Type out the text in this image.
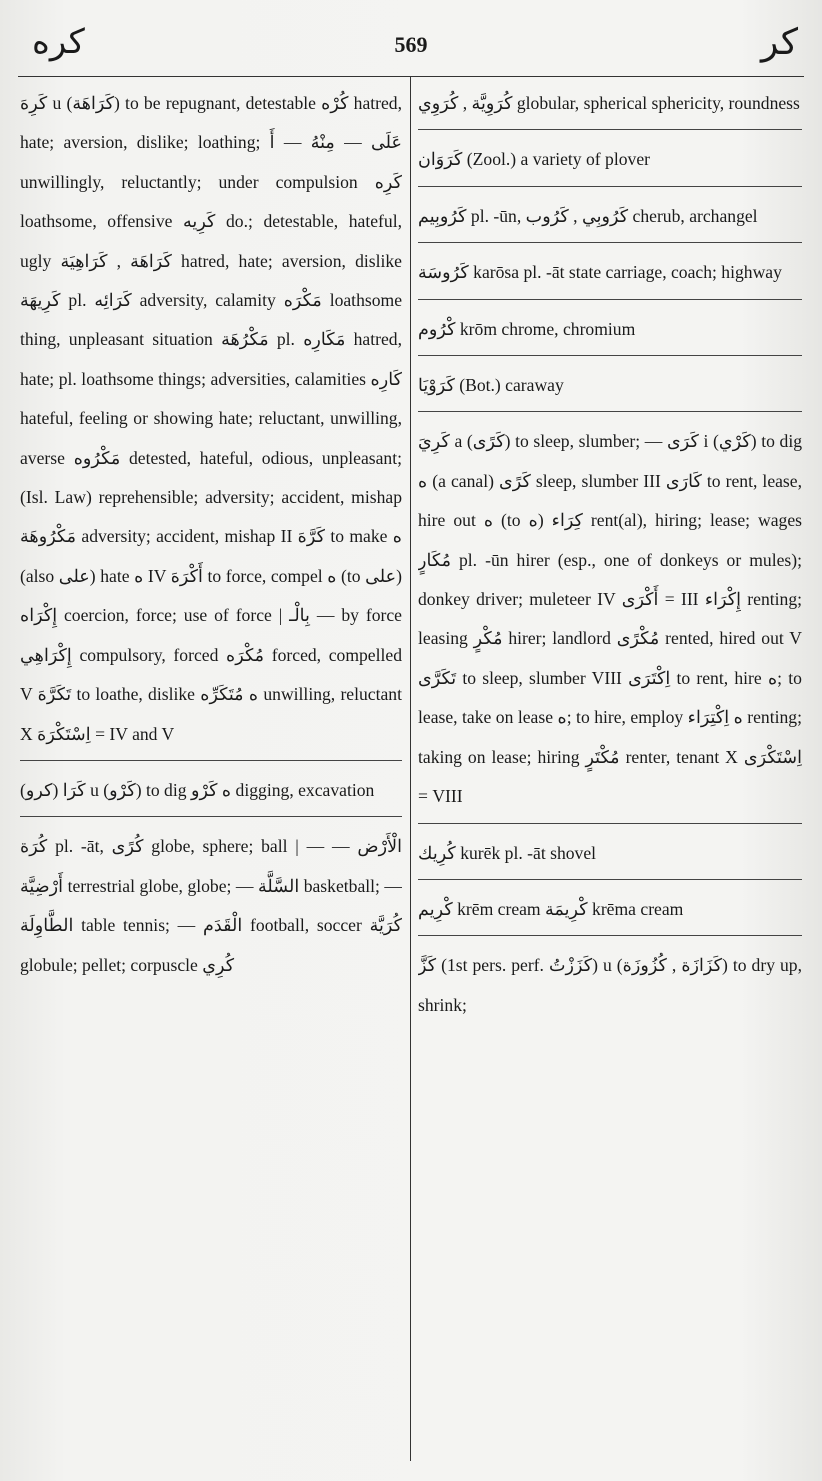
كره	569	كر

كَرِهَ u (كَرَاهَة) to be repugnant, detestable كُرْه hatred, hate; aversion, dislike; loathing; عَلَى — مِنْهُ — أَ unwillingly, reluctantly; under compulsion كَرِه loathsome, offensive كَرِيه do.; detestable, hateful, ugly كَرَاهَة , كَرَاهِيَة hatred, hate; aversion, dislike كَرِيهَة pl. كَرَائِه adversity, calamity مَكْرَه loathsome thing, unpleasant situation مَكْرُهَة pl. مَكَارِه hatred, hate; pl. loathsome things; adversities, calamities كَارِه hateful, feeling or showing hate; reluctant, unwilling, averse مَكْرُوه detested, hateful, odious, unpleasant; (Isl. Law) reprehensible; adversity; accident, mishap مَكْرُوهَة adversity; accident, mishap II كَرَّهَ to make ه (also على) hate ه IV أَكْرَهَ to force, compel ه (to على) إِكْرَاه coercion, force; use of force | بِالْـ — by force إِكْرَاهِي compulsory, forced مُكْرَه forced, compelled V تَكَرَّهَ to loathe, dislike ه مُتَكَرِّه unwilling, reluctant X اِسْتَكْرَهَ = IV and V

كَرَا (كرو) u (كَرْو) to dig ه كَرْو digging, excavation

كُرَة pl. -āt, كُرًى globe, sphere; ball | — الْأَرْض — أَرْضِيَّة terrestrial globe, globe; — السَّلَّة basketball; — الطَّاوِلَة table tennis; — الْقَدَم football, soccer كُرَيَّة globule; pellet; corpuscle كُرِي

كُرَوِيَّة , كُرَوِي globular, spherical sphericity, roundness

كَرَوَان (Zool.) a variety of plover

كَرُوبِيم pl. -ūn, كَرُوبِي , كَرُوب cherub, archangel

كَرُوسَة karōsa pl. -āt state carriage, coach; highway

كْرُوم krōm chrome, chromium

كَرَوْيَا (Bot.) caraway

كَرِيَ a (كَرًى) to sleep, slumber; — كَرَى i (كَرْي) to dig ه (a canal) كَرًى sleep, slumber III كَارَى to rent, lease, hire out ه (to ه) كِرَاء rent(al), hiring; lease; wages مُكَارٍ pl. -ūn hirer (esp., one of donkeys or mules); donkey driver; muleteer IV أَكْرَى = III إِكْرَاء renting; leasing مُكْرٍ hirer; landlord مُكْرًى rented, hired out V تَكَرَّى to sleep, slumber VIII اِكْتَرَى to rent, hire ه; to lease, take on lease ه; to hire, employ ه اِكْتِرَاء renting; taking on lease; hiring مُكْتَرٍ renter, tenant X اِسْتَكْرَى = VIII

كُرِيك kurēk pl. -āt shovel

كْرِيم krēm cream كْرِيمَة krēma cream

كَزَّ (1st pers. perf. كَزَزْتُ) u (كَزَازَة , كُزُوزَة) to dry up, shrink;
